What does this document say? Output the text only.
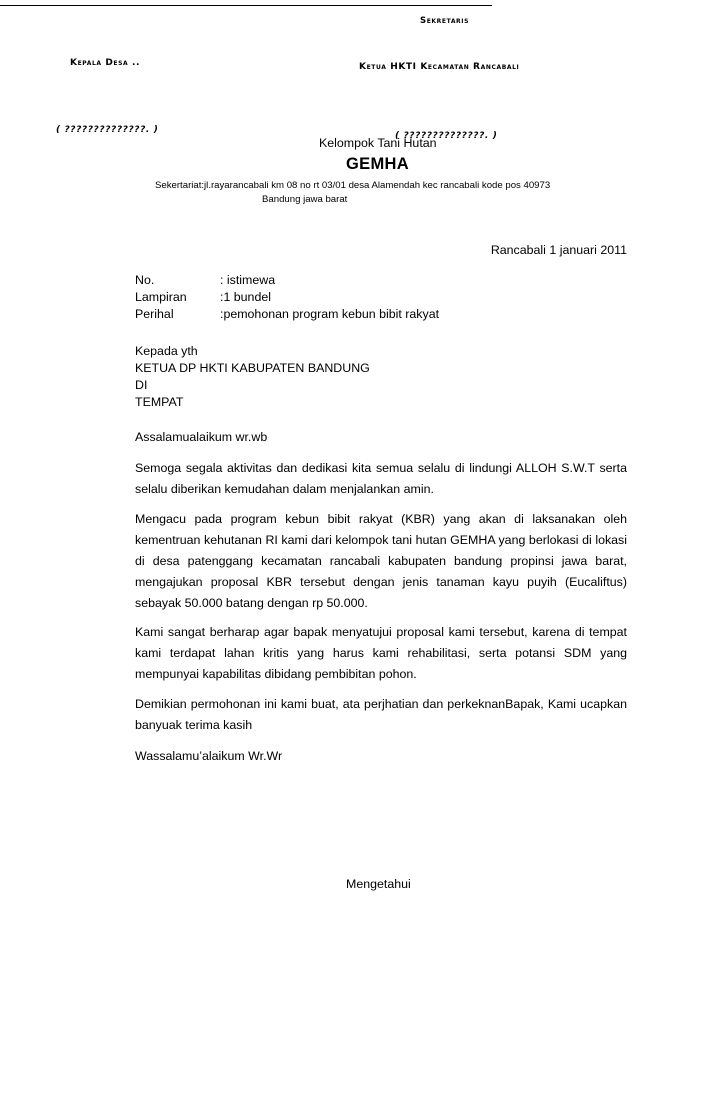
Sekretaris
Kepala Desa ..	Ketua HKTI Kecamatan Rancabali
( ??????????????. )
( ??????????????. )
Kelompok Tani Hutan
GEMHA
Sekertariat:jl.rayarancabali km 08 no rt 03/01 desa Alamendah kec rancabali kode pos 40973
Bandung jawa barat
Rancabali 1 januari 2011
No.	: istimewa
Lampiran	:1 bundel
Perihal	:pemohonan program kebun bibit rakyat
Kepada yth
KETUA DP HKTI KABUPATEN BANDUNG
DI
TEMPAT
Assalamualaikum wr.wb
Semoga segala aktivitas dan dedikasi kita semua selalu di lindungi ALLOH S.W.T serta selalu diberikan kemudahan dalam menjalankan amin.
Mengacu pada program kebun bibit rakyat (KBR) yang akan di laksanakan oleh kementruan kehutanan RI kami dari kelompok tani hutan GEMHA yang berlokasi di lokasi di desa patenggang kecamatan rancabali kabupaten bandung propinsi jawa barat, mengajukan proposal KBR tersebut dengan jenis tanaman kayu puyih (Eucaliftus) sebayak 50.000 batang dengan rp 50.000.
Kami sangat berharap agar bapak menyatujui proposal kami tersebut, karena di tempat kami terdapat lahan kritis yang harus kami rehabilitasi, serta potansi SDM yang mempunyai kapabilitas dibidang pembibitan pohon.
Demikian permohonan ini kami buat, ata perjhatian dan perkeknanBapak, Kami ucapkan banyuak terima kasih
Wassalamu’alaikum Wr.Wr
Mengetahui
